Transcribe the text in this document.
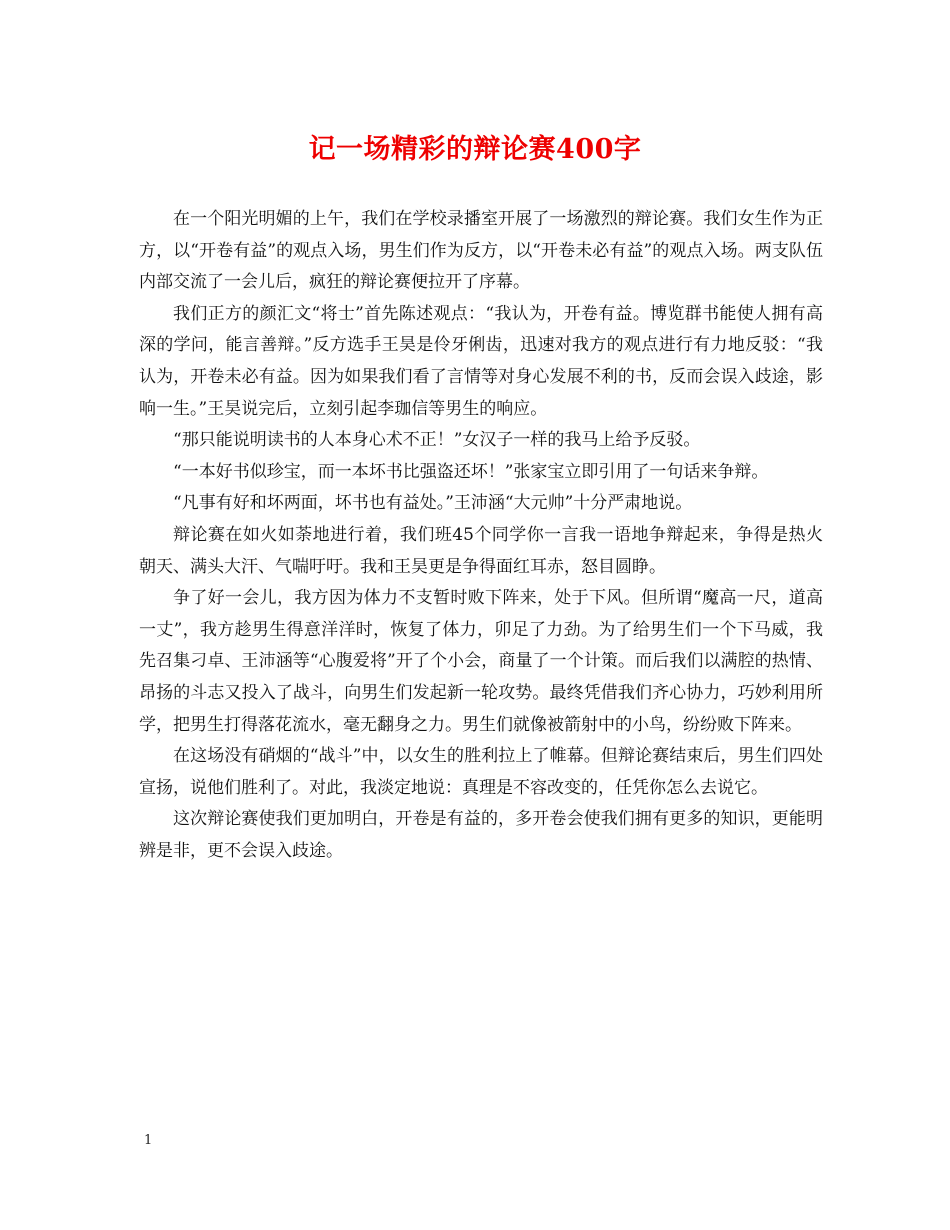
记一场精彩的辩论赛400字

在一个阳光明媚的上午，我们在学校录播室开展了一场激烈的辩论赛。我们女生作为正方，以“开卷有益”的观点入场，男生们作为反方，以“开卷未必有益”的观点入场。两支队伍内部交流了一会儿后，疯狂的辩论赛便拉开了序幕。

我们正方的颜汇文“将士”首先陈述观点：“我认为，开卷有益。博览群书能使人拥有高深的学问，能言善辩。”反方选手王昊是伶牙俐齿，迅速对我方的观点进行有力地反驳：“我认为，开卷未必有益。因为如果我们看了言情等对身心发展不利的书，反而会误入歧途，影响一生。”王昊说完后，立刻引起李珈信等男生的响应。

“那只能说明读书的人本身心术不正！”女汉子一样的我马上给予反驳。

“一本好书似珍宝，而一本坏书比强盗还坏！”张家宝立即引用了一句话来争辩。

“凡事有好和坏两面，坏书也有益处。”王沛涵“大元帅”十分严肃地说。

辩论赛在如火如荼地进行着，我们班45个同学你一言我一语地争辩起来，争得是热火朝天、满头大汗、气喘吁吁。我和王昊更是争得面红耳赤，怒目圆睁。

争了好一会儿，我方因为体力不支暂时败下阵来，处于下风。但所谓“魔高一尺，道高一丈”，我方趁男生得意洋洋时，恢复了体力，卯足了力劲。为了给男生们一个下马威，我先召集刁卓、王沛涵等“心腹爱将”开了个小会，商量了一个计策。而后我们以满腔的热情、昂扬的斗志又投入了战斗，向男生们发起新一轮攻势。最终凭借我们齐心协力，巧妙利用所学，把男生打得落花流水，毫无翻身之力。男生们就像被箭射中的小鸟，纷纷败下阵来。

在这场没有硝烟的“战斗”中，以女生的胜利拉上了帷幕。但辩论赛结束后，男生们四处宣扬，说他们胜利了。对此，我淡定地说：真理是不容改变的，任凭你怎么去说它。

这次辩论赛使我们更加明白，开卷是有益的，多开卷会使我们拥有更多的知识，更能明辨是非，更不会误入歧途。

1
